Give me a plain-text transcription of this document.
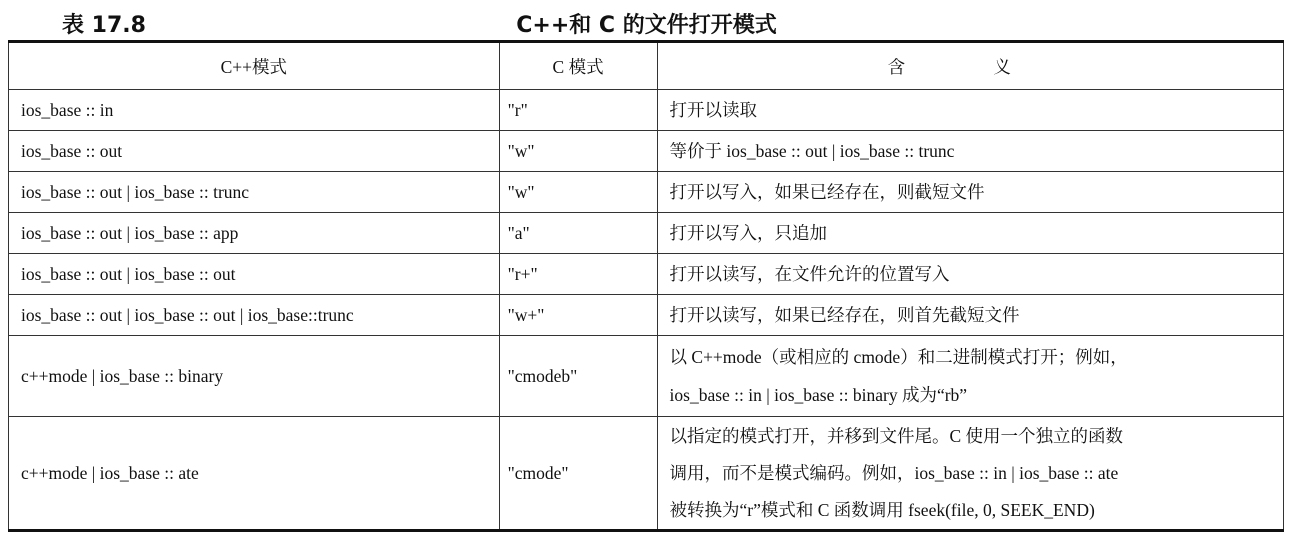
表 17.8	C++和 C 的文件打开模式
C++模式	C 模式	含 义
ios_base :: in	"r"	打开以读取

ios_base :: out	"w"	等价于 ios_base :: out | ios_base :: trunc

ios_base :: out | ios_base :: trunc	"w"	打开以写入，如果已经存在，则截短文件

ios_base :: out | ios_base :: app	"a"	打开以写入，只追加

ios_base :: out | ios_base :: out	"r+"	打开以读写，在文件允许的位置写入

ios_base :: out | ios_base :: out | ios_base::trunc	"w+"	打开以读写，如果已经存在，则首先截短文件

c++mode | ios_base :: binary	"cmodeb"	以 C++mode（或相应的 cmode）和二进制模式打开；例如，
ios_base :: in | ios_base :: binary 成为“rb”

c++mode | ios_base :: ate	"cmode"	以指定的模式打开，并移到文件尾。C 使用一个独立的函数
调用，而不是模式编码。例如，ios_base :: in | ios_base :: ate
被转换为“r”模式和 C 函数调用 fseek(file, 0, SEEK_END)
